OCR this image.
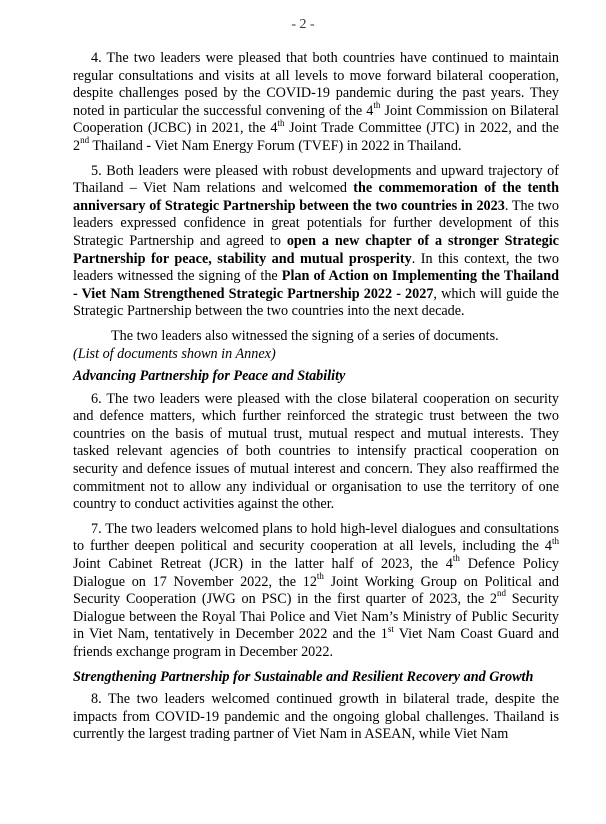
- 2 -

4. The two leaders were pleased that both countries have continued to maintain regular consultations and visits at all levels to move forward bilateral cooperation, despite challenges posed by the COVID-19 pandemic during the past years. They noted in particular the successful convening of the 4th Joint Commission on Bilateral Cooperation (JCBC) in 2021, the 4th Joint Trade Committee (JTC) in 2022, and the 2nd Thailand - Viet Nam Energy Forum (TVEF) in 2022 in Thailand.

5. Both leaders were pleased with robust developments and upward trajectory of Thailand – Viet Nam relations and welcomed the commemoration of the tenth anniversary of Strategic Partnership between the two countries in 2023. The two leaders expressed confidence in great potentials for further development of this Strategic Partnership and agreed to open a new chapter of a stronger Strategic Partnership for peace, stability and mutual prosperity. In this context, the two leaders witnessed the signing of the Plan of Action on Implementing the Thailand - Viet Nam Strengthened Strategic Partnership 2022 - 2027, which will guide the Strategic Partnership between the two countries into the next decade.

The two leaders also witnessed the signing of a series of documents.

(List of documents shown in Annex)

Advancing Partnership for Peace and Stability

6. The two leaders were pleased with the close bilateral cooperation on security and defence matters, which further reinforced the strategic trust between the two countries on the basis of mutual trust, mutual respect and mutual interests. They tasked relevant agencies of both countries to intensify practical cooperation on security and defence issues of mutual interest and concern. They also reaffirmed the commitment not to allow any individual or organisation to use the territory of one country to conduct activities against the other.

7. The two leaders welcomed plans to hold high-level dialogues and consultations to further deepen political and security cooperation at all levels, including the 4th Joint Cabinet Retreat (JCR) in the latter half of 2023, the 4th Defence Policy Dialogue on 17 November 2022, the 12th Joint Working Group on Political and Security Cooperation (JWG on PSC) in the first quarter of 2023, the 2nd Security Dialogue between the Royal Thai Police and Viet Nam’s Ministry of Public Security in Viet Nam, tentatively in December 2022 and the 1st Viet Nam Coast Guard and friends exchange program in December 2022.

Strengthening Partnership for Sustainable and Resilient Recovery and Growth

8. The two leaders welcomed continued growth in bilateral trade, despite the impacts from COVID-19 pandemic and the ongoing global challenges. Thailand is currently the largest trading partner of Viet Nam in ASEAN, while Viet Nam
